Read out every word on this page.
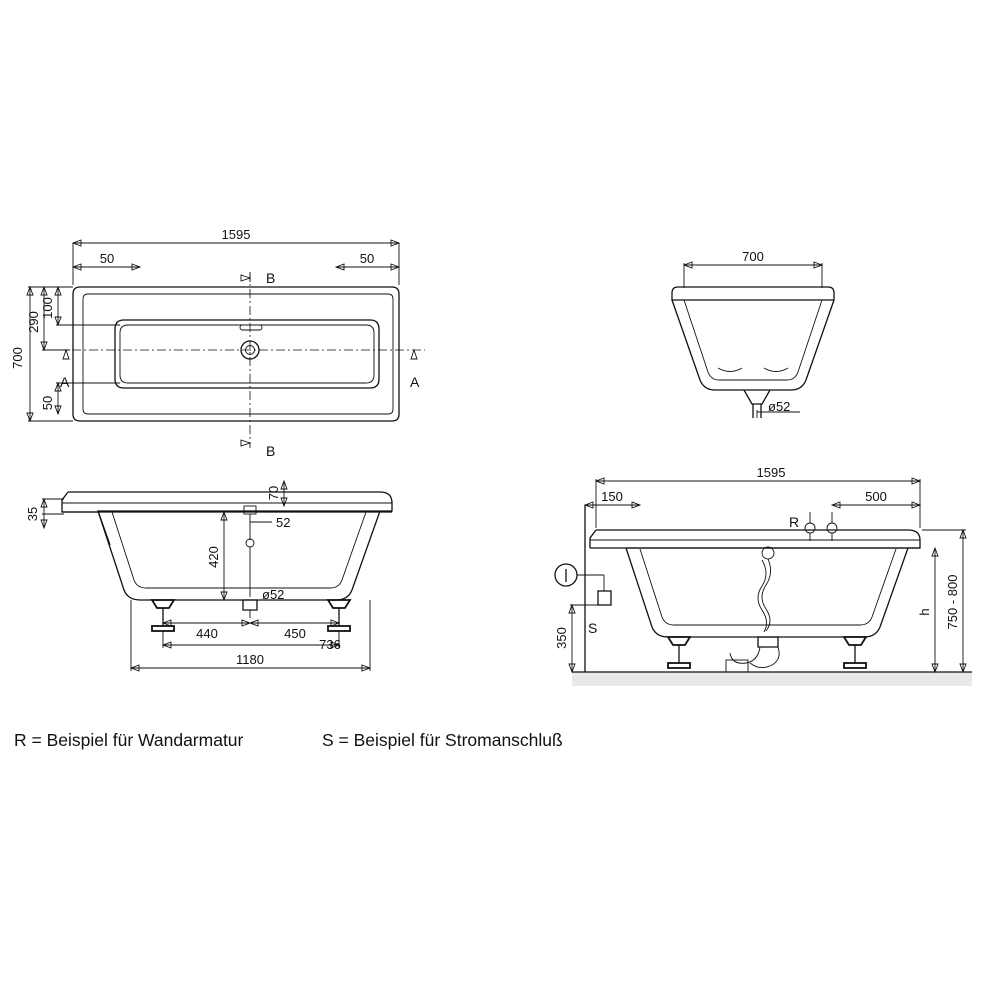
1595
50	50
B
B
A	A
700
100
290
50	ø52
700
ø52
35
70
52
420
440	450
736
1180
R
S
1595
150	500
350
h 750 - 800
R = Beispiel für Wandarmatur	S = Beispiel für Stromanschluß
